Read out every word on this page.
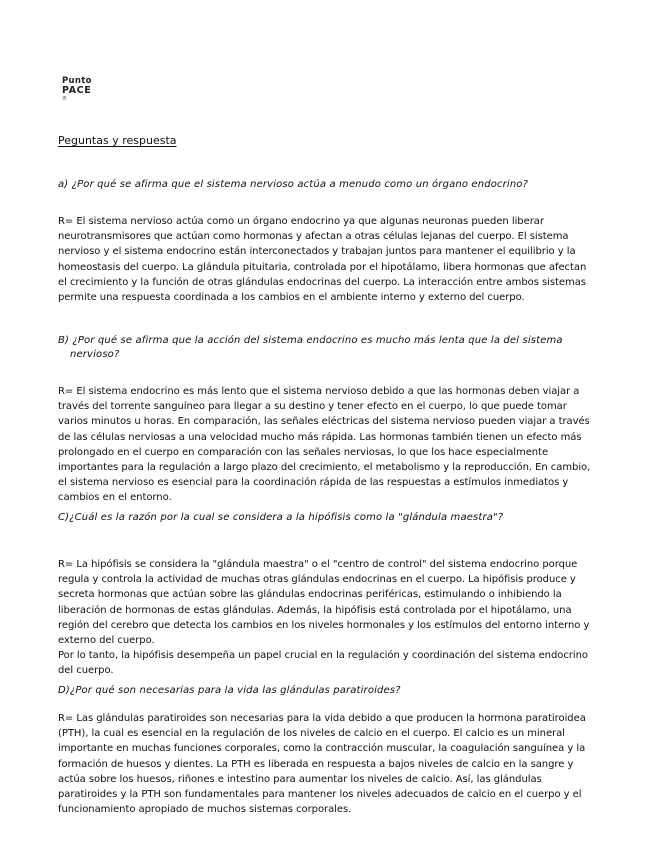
Punto
PACE
®
Peguntas y respuesta
a) ¿Por qué se afirma que el sistema nervioso actúa a menudo como un órgano endocrino?

R= El sistema nervioso actúa como un órgano endocrino ya que algunas neuronas pueden liberar neurotransmisores que actúan como hormonas y afectan a otras células lejanas del cuerpo. El sistema nervioso y el sistema endocrino están interconectados y trabajan juntos para mantener el equilibrio y la homeostasis del cuerpo. La glándula pituitaria, controlada por el hipotálamo, libera hormonas que afectan el crecimiento y la función de otras glándulas endocrinas del cuerpo. La interacción entre ambos sistemas permite una respuesta coordinada a los cambios en el ambiente interno y externo del cuerpo.

B) ¿Por qué se afirma que la acción del sistema endocrino es mucho más lenta que la del sistema nervioso?

R= El sistema endocrino es más lento que el sistema nervioso debido a que las hormonas deben viajar a través del torrente sanguíneo para llegar a su destino y tener efecto en el cuerpo, lo que puede tomar varios minutos u horas. En comparación, las señales eléctricas del sistema nervioso pueden viajar a través de las células nerviosas a una velocidad mucho más rápida. Las hormonas también tienen un efecto más prolongado en el cuerpo en comparación con las señales nerviosas, lo que los hace especialmente importantes para la regulación a largo plazo del crecimiento, el metabolismo y la reproducción. En cambio, el sistema nervioso es esencial para la coordinación rápida de las respuestas a estímulos inmediatos y cambios en el entorno.

C)¿Cuál es la razón por la cual se considera a la hipófisis como la "glándula maestra"?

R= La hipófisis se considera la "glándula maestra" o el "centro de control" del sistema endocrino porque regula y controla la actividad de muchas otras glándulas endocrinas en el cuerpo. La hipófisis produce y secreta hormonas que actúan sobre las glándulas endocrinas periféricas, estimulando o inhibiendo la liberación de hormonas de estas glándulas. Además, la hipófisis está controlada por el hipotálamo, una región del cerebro que detecta los cambios en los niveles hormonales y los estímulos del entorno interno y externo del cuerpo.

Por lo tanto, la hipófisis desempeña un papel crucial en la regulación y coordinación del sistema endocrino del cuerpo.

D)¿Por qué son necesarias para la vida las glándulas paratiroides?

R= Las glándulas paratiroides son necesarias para la vida debido a que producen la hormona paratiroidea (PTH), la cual es esencial en la regulación de los niveles de calcio en el cuerpo. El calcio es un mineral importante en muchas funciones corporales, como la contracción muscular, la coagulación sanguínea y la formación de huesos y dientes. La PTH es liberada en respuesta a bajos niveles de calcio en la sangre y actúa sobre los huesos, riñones e intestino para aumentar los niveles de calcio. Así, las glándulas paratiroides y la PTH son fundamentales para mantener los niveles adecuados de calcio en el cuerpo y el funcionamiento apropiado de muchos sistemas corporales.
